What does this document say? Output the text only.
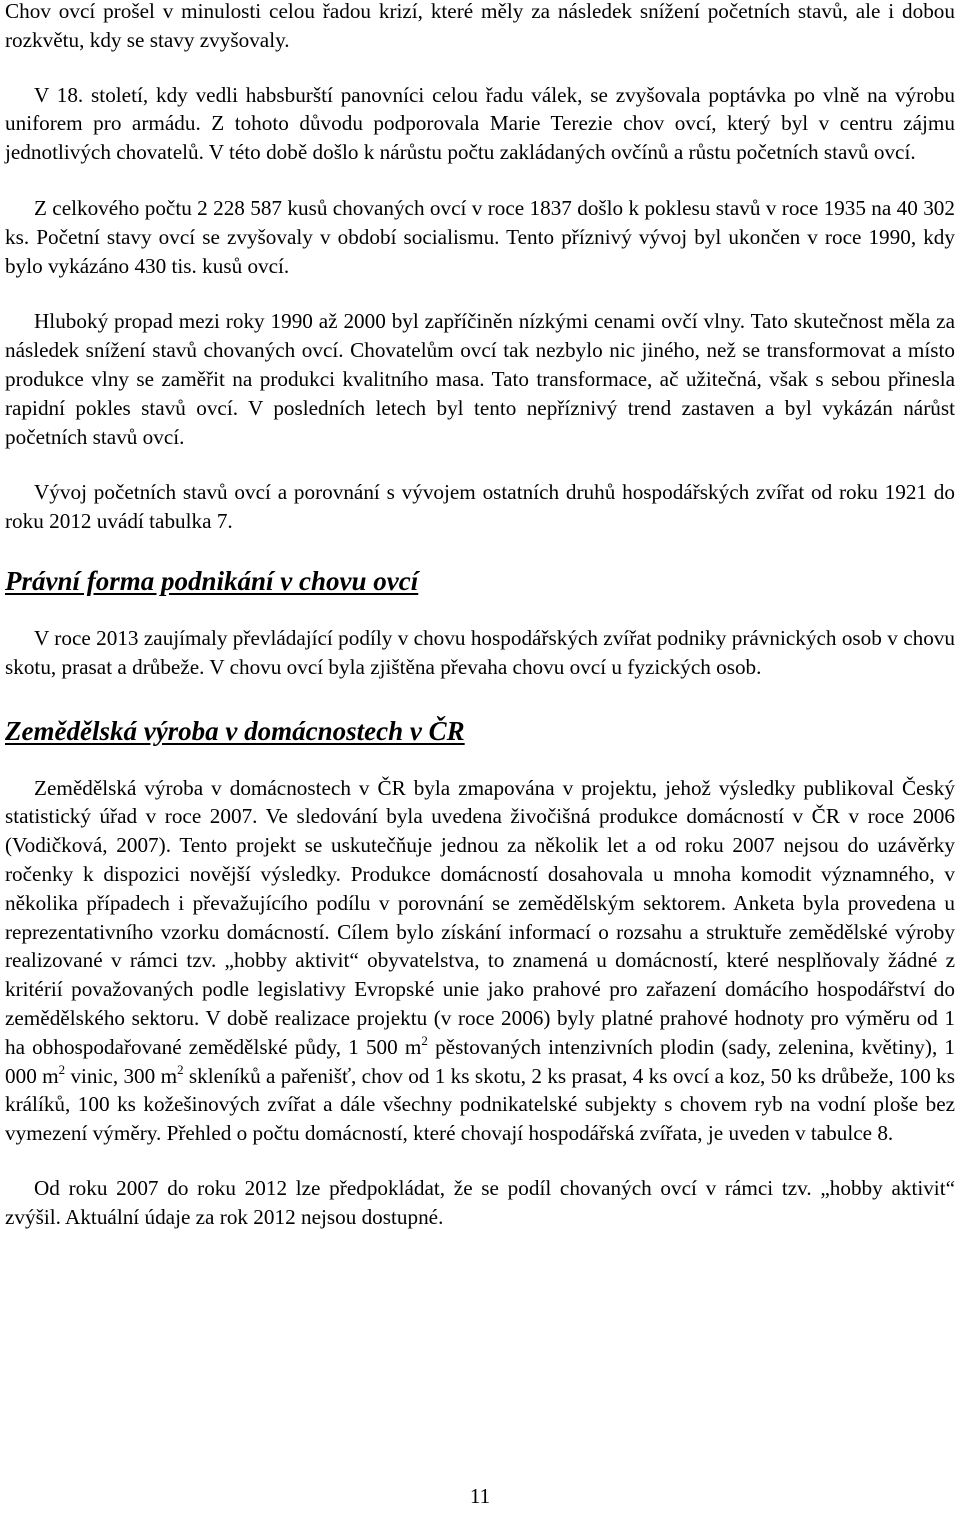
Chov ovcí prošel v minulosti celou řadou krizí, které měly za následek snížení početních stavů, ale i dobou rozkvětu, kdy se stavy zvyšovaly.

V 18. století, kdy vedli habsburští panovníci celou řadu válek, se zvyšovala poptávka po vlně na výrobu uniforem pro armádu. Z tohoto důvodu podporovala Marie Terezie chov ovcí, který byl v centru zájmu jednotlivých chovatelů. V této době došlo k nárůstu počtu zakládaných ovčínů a růstu početních stavů ovcí.

Z celkového počtu 2 228 587 kusů chovaných ovcí v roce 1837 došlo k poklesu stavů v roce 1935 na 40 302 ks. Početní stavy ovcí se zvyšovaly v období socialismu. Tento příznivý vývoj byl ukončen v roce 1990, kdy bylo vykázáno 430 tis. kusů ovcí.

Hluboký propad mezi roky 1990 až 2000 byl zapříčiněn nízkými cenami ovčí vlny. Tato skutečnost měla za následek snížení stavů chovaných ovcí. Chovatelům ovcí tak nezbylo nic jiného, než se transformovat a místo produkce vlny se zaměřit na produkci kvalitního masa. Tato transformace, ač užitečná, však s sebou přinesla rapidní pokles stavů ovcí. V posledních letech byl tento nepříznivý trend zastaven a byl vykázán nárůst početních stavů ovcí.

Vývoj početních stavů ovcí a porovnání s vývojem ostatních druhů hospodářských zvířat od roku 1921 do roku 2012 uvádí tabulka 7.

Právní forma podnikání v chovu ovcí

V roce 2013 zaujímaly převládající podíly v chovu hospodářských zvířat podniky právnických osob v chovu skotu, prasat a drůbeže. V chovu ovcí byla zjištěna převaha chovu ovcí u fyzických osob.

Zemědělská výroba v domácnostech v ČR

Zemědělská výroba v domácnostech v ČR byla zmapována v projektu, jehož výsledky publikoval Český statistický úřad v roce 2007. Ve sledování byla uvedena živočišná produkce domácností v ČR v roce 2006 (Vodičková, 2007). Tento projekt se uskutečňuje jednou za několik let a od roku 2007 nejsou do uzávěrky ročenky k dispozici novější výsledky. Produkce domácností dosahovala u mnoha komodit významného, v několika případech i převažujícího podílu v porovnání se zemědělským sektorem. Anketa byla provedena u reprezentativního vzorku domácností. Cílem bylo získání informací o rozsahu a struktuře zemědělské výroby realizované v rámci tzv. „hobby aktivit“ obyvatelstva, to znamená u domácností, které nesplňovaly žádné z kritérií považovaných podle legislativy Evropské unie jako prahové pro zařazení domácího hospodářství do zemědělského sektoru. V době realizace projektu (v roce 2006) byly platné prahové hodnoty pro výměru od 1 ha obhospodařované zemědělské půdy, 1 500 $m^2$ pěstovaných intenzivních plodin (sady, zelenina, květiny), 1 000 $m^2$ vinic, 300 $m^2$ skleníků a pařenišť, chov od 1 ks skotu, 2 ks prasat, 4 ks ovcí a koz, 50 ks drůbeže, 100 ks králíků, 100 ks kožešinových zvířat a dále všechny podnikatelské subjekty s chovem ryb na vodní ploše bez vymezení výměry. Přehled o počtu domácností, které chovají hospodářská zvířata, je uveden v tabulce 8.

Od roku 2007 do roku 2012 lze předpokládat, že se podíl chovaných ovcí v rámci tzv. „hobby aktivit“ zvýšil. Aktuální údaje za rok 2012 nejsou dostupné.

11
